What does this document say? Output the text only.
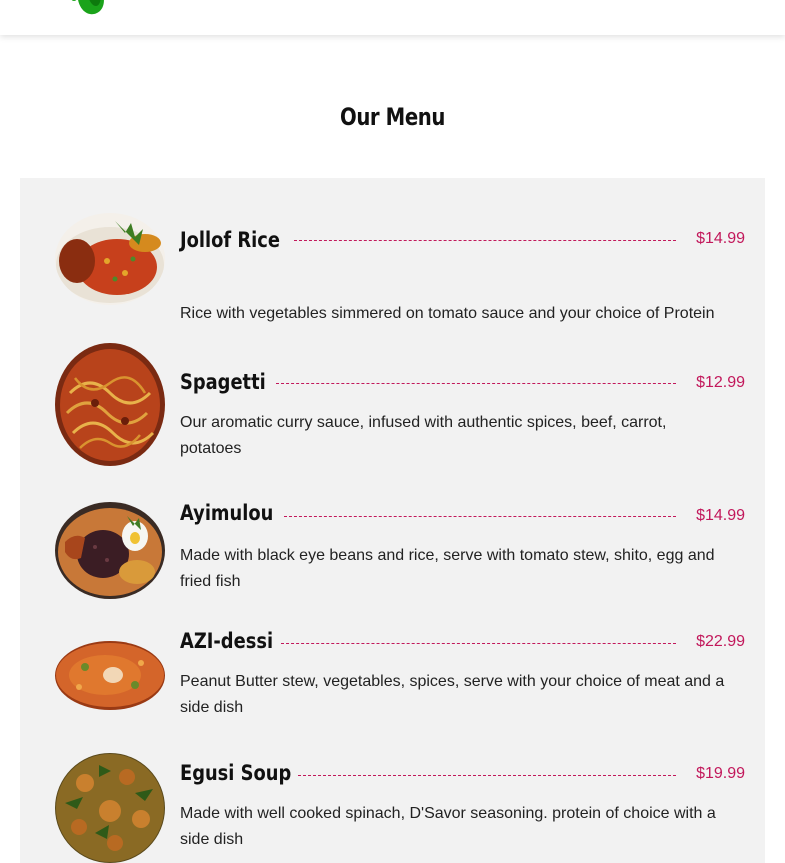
Our Menu
Jollof Rice	$14.99
Rice with vegetables simmered on tomato sauce and your choice of Protein
Spagetti	$12.99
Our aromatic curry sauce, infused with authentic spices, beef, carrot, potatoes
Ayimulou	$14.99
Made with black eye beans and rice, serve with tomato stew, shito, egg and fried fish
AZI-dessi	$22.99
Peanut Butter stew, vegetables, spices, serve with your choice of meat and a side dish
Egusi Soup	$19.99
Made with well cooked spinach, D'Savor seasoning. protein of choice with a side dish
